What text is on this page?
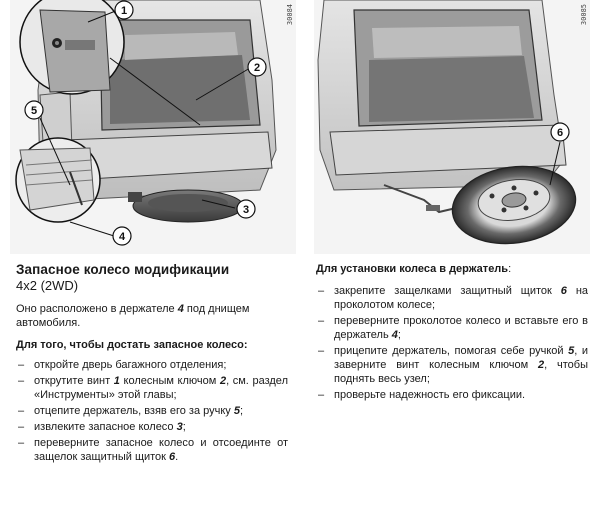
1
2
3
4
5
30084
6
30085
Запасное колесо модификации
4x2 (2WD)

Оно расположено в держателе 4 под днищем автомобиля.

Для того, чтобы достать запасное колесо:
– откройте дверь багажного отделения;
– открутите винт 1 колесным ключом 2, см. раздел «Инструменты» этой главы;
– отцепите держатель, взяв его за ручку 5;
– извлеките запасное колесо 3;
– переверните запасное колесо и отсоединте от защелок защитный щиток 6.
Для установки колеса в держатель:
– закрепите защелками защитный щиток 6 на проколотом колесе;
– переверните проколотое колесо и вставьте его в держатель 4;
– прицепите держатель, помогая себе ручкой 5, и заверните винт колесным ключом 2, чтобы поднять весь узел;
– проверьте надежность его фиксации.
